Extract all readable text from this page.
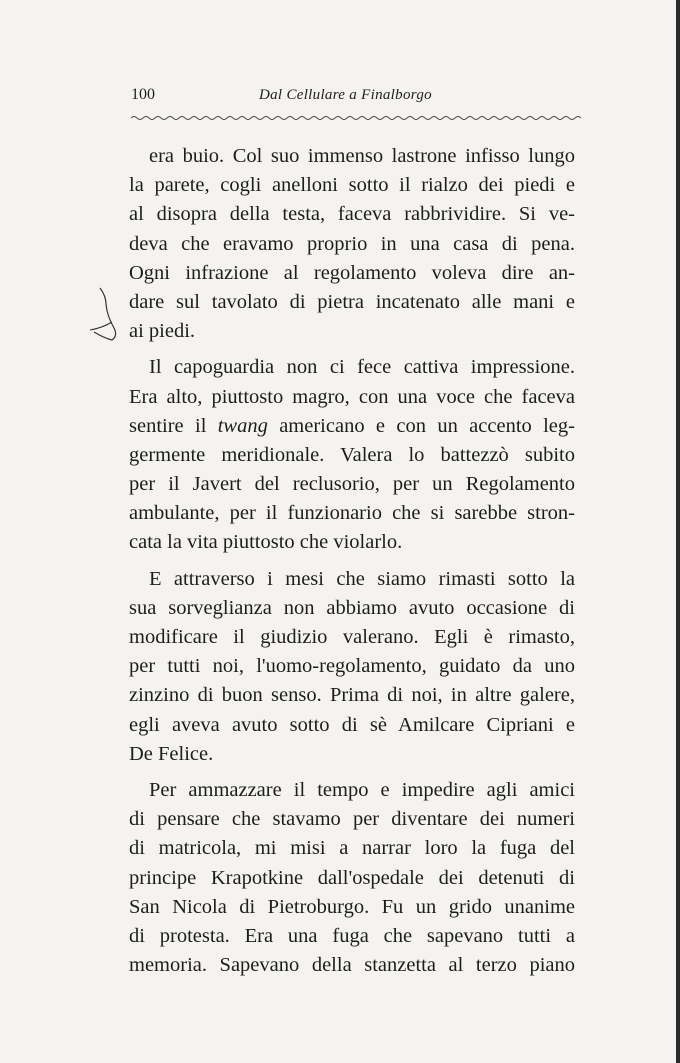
100	Dal Cellulare a Finalborgo
era buio. Col suo immenso lastrone infisso lungo
la parete, cogli anelloni sotto il rialzo dei piedi e
al disopra della testa, faceva rabbrividire. Si ve-
deva che eravamo proprio in una casa di pena.
Ogni infrazione al regolamento voleva dire an-
dare sul tavolato di pietra incatenato alle mani e
ai piedi.
Il capoguardia non ci fece cattiva impressione.
Era alto, piuttosto magro, con una voce che faceva
sentire il twang americano e con un accento leg-
germente meridionale. Valera lo battezzò subito
per il Javert del reclusorio, per un Regolamento
ambulante, per il funzionario che si sarebbe stron-
cata la vita piuttosto che violarlo.
E attraverso i mesi che siamo rimasti sotto la
sua sorveglianza non abbiamo avuto occasione di
modificare il giudizio valerano. Egli è rimasto,
per tutti noi, l'uomo-regolamento, guidato da uno
zinzino di buon senso. Prima di noi, in altre galere,
egli aveva avuto sotto di sè Amilcare Cipriani e
De Felice.
Per ammazzare il tempo e impedire agli amici
di pensare che stavamo per diventare dei numeri
di matricola, mi misi a narrar loro la fuga del
principe Krapotkine dall'ospedale dei detenuti di
San Nicola di Pietroburgo. Fu un grido unanime
di protesta. Era una fuga che sapevano tutti a
memoria. Sapevano della stanzetta al terzo piano
